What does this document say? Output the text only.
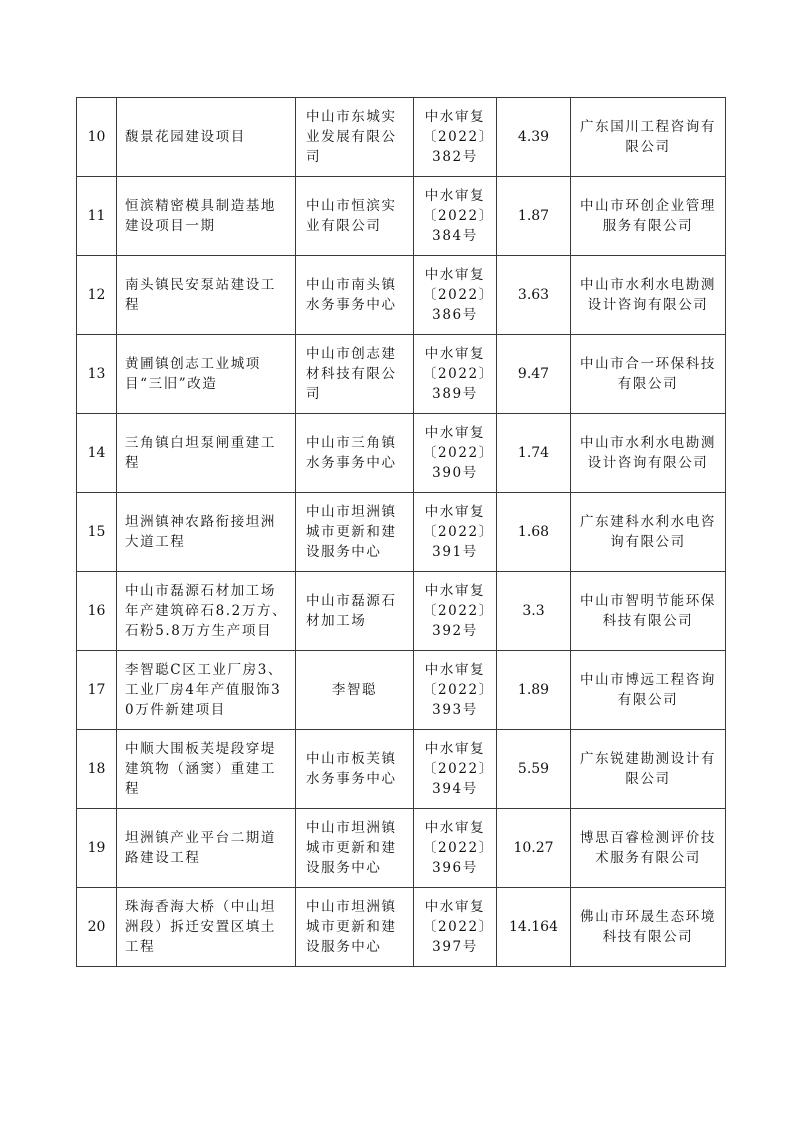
10	馥景花园建设项目	中山市东城实业发展有限公司	中水审复〔2022〕382号	4.39	广东国川工程咨询有限公司
11	恒滨精密模具制造基地建设项目一期	中山市恒滨实业有限公司	中水审复〔2022〕384号	1.87	中山市环创企业管理服务有限公司
12	南头镇民安泵站建设工程	中山市南头镇水务事务中心	中水审复〔2022〕386号	3.63	中山市水利水电勘测设计咨询有限公司
13	黄圃镇创志工业城项目“三旧”改造	中山市创志建材科技有限公司	中水审复〔2022〕389号	9.47	中山市合一环保科技有限公司
14	三角镇白坦泵闸重建工程	中山市三角镇水务事务中心	中水审复〔2022〕390号	1.74	中山市水利水电勘测设计咨询有限公司
15	坦洲镇神农路衔接坦洲大道工程	中山市坦洲镇城市更新和建设服务中心	中水审复〔2022〕391号	1.68	广东建科水利水电咨询有限公司
16	中山市磊源石材加工场年产建筑碎石8.2万方、石粉5.8万方生产项目	中山市磊源石材加工场	中水审复〔2022〕392号	3.3	中山市智明节能环保科技有限公司
17	李智聪C区工业厂房3、工业厂房4年产值服饰30万件新建项目	李智聪	中水审复〔2022〕393号	1.89	中山市博远工程咨询有限公司
18	中顺大围板芙堤段穿堤建筑物（涵窦）重建工程	中山市板芙镇水务事务中心	中水审复〔2022〕394号	5.59	广东锐建勘测设计有限公司
19	坦洲镇产业平台二期道路建设工程	中山市坦洲镇城市更新和建设服务中心	中水审复〔2022〕396号	10.27	博思百睿检测评价技术服务有限公司
20	珠海香海大桥（中山坦洲段）拆迁安置区填土工程	中山市坦洲镇城市更新和建设服务中心	中水审复〔2022〕397号	14.164	佛山市环晟生态环境科技有限公司
